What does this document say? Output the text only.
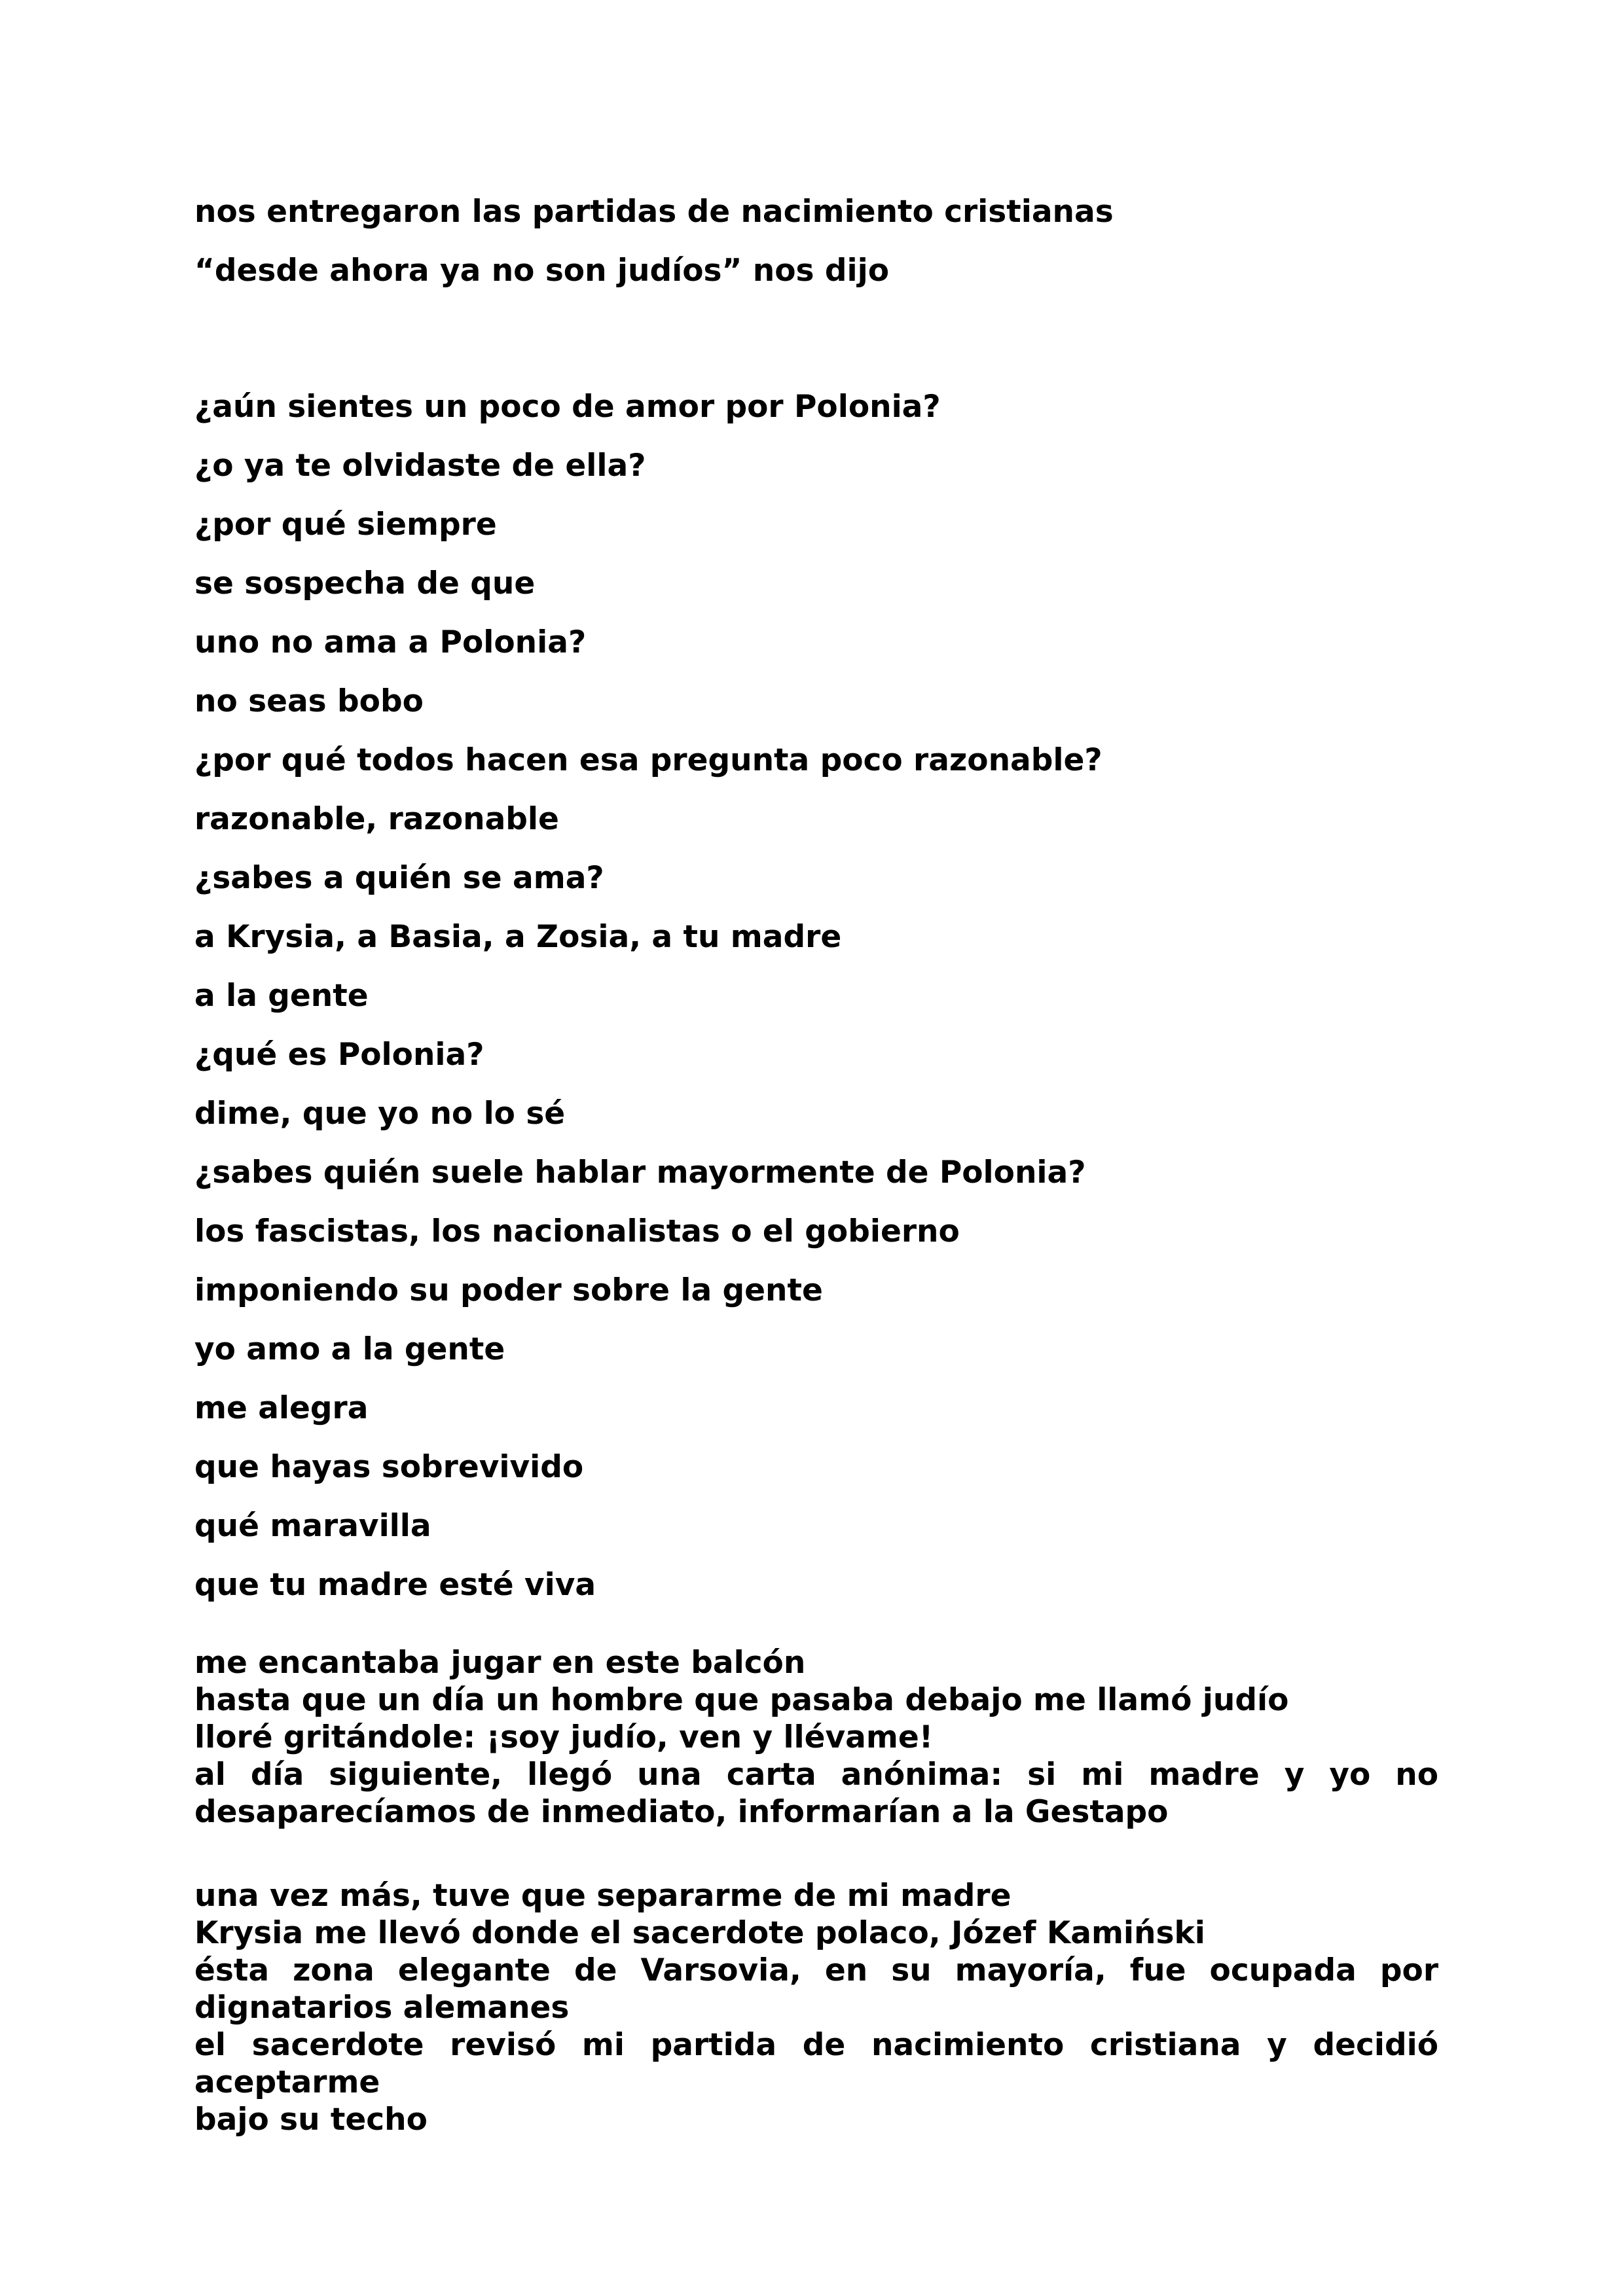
nos entregaron las partidas de nacimiento cristianas
“desde ahora ya no son judíos” nos dijo
¿aún sientes un poco de amor por Polonia?
¿o ya te olvidaste de ella?
¿por qué siempre
se sospecha de que
uno no ama a Polonia?
no seas bobo
¿por qué todos hacen esa pregunta poco razonable?
razonable, razonable
¿sabes a quién se ama?
a Krysia, a Basia, a Zosia, a tu madre
a la gente
¿qué es Polonia?
dime, que yo no lo sé
¿sabes quién suele hablar mayormente de Polonia?
los fascistas, los nacionalistas o el gobierno
imponiendo su poder sobre la gente
yo amo a la gente
me alegra
que hayas sobrevivido
qué maravilla
que tu madre esté viva
me encantaba jugar en este balcón
hasta que un día un hombre que pasaba debajo me llamó judío
lloré gritándole: ¡soy judío, ven y llévame!
al día siguiente, llegó una carta anónima: si mi madre y yo no
desaparecíamos de inmediato, informarían a la Gestapo
una vez más, tuve que separarme de mi madre
Krysia me llevó donde el sacerdote polaco, Józef Kamiński
ésta zona elegante de Varsovia, en su mayoría, fue ocupada por
dignatarios alemanes
el sacerdote revisó mi partida de nacimiento cristiana y decidió aceptarme
bajo su techo
